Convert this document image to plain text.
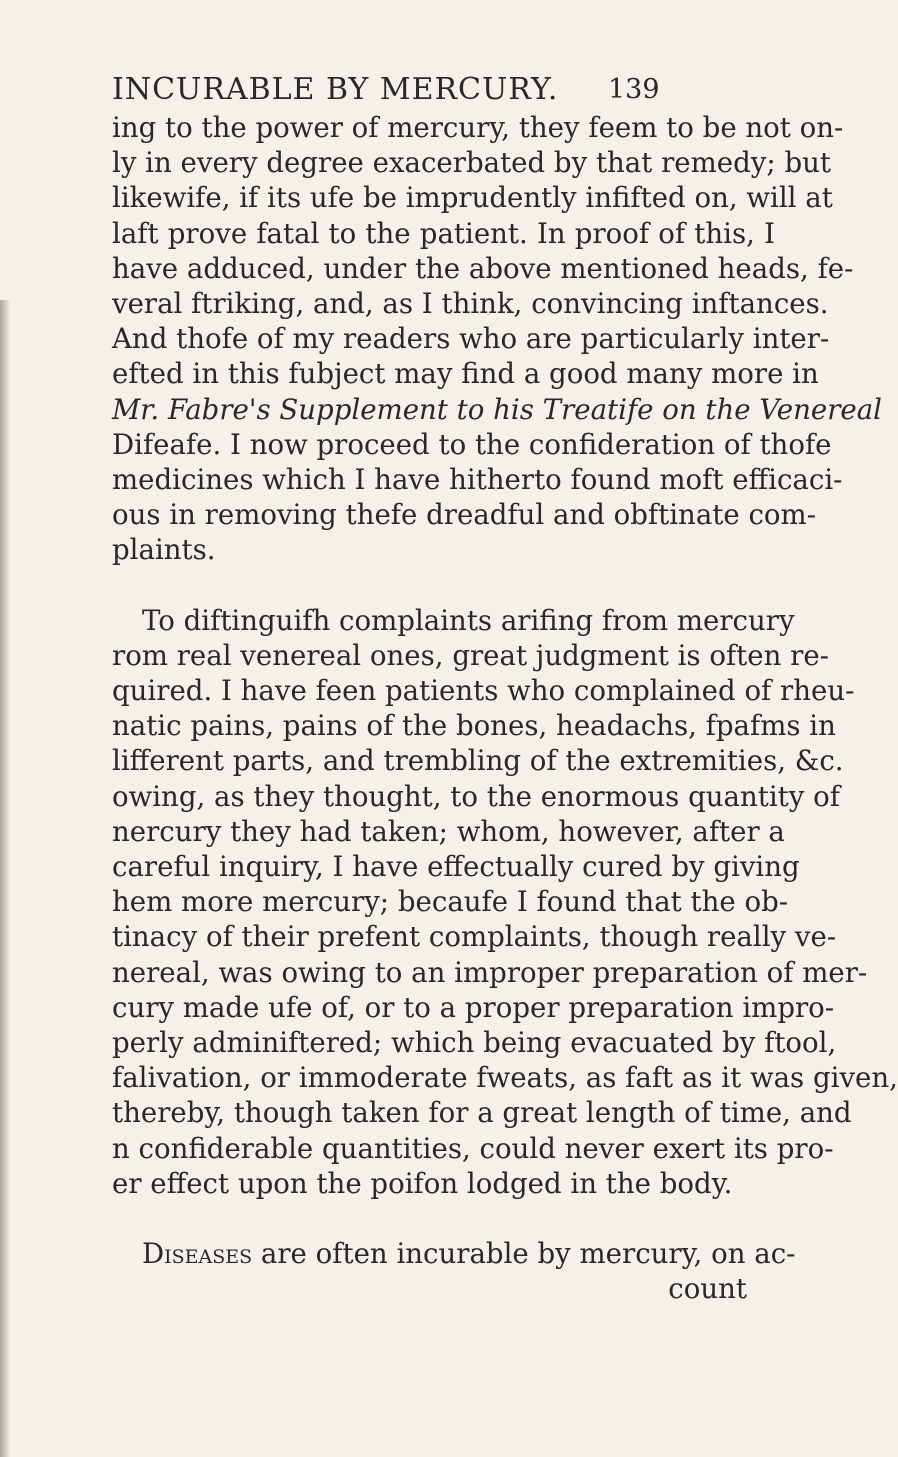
INCURABLE BY MERCURY. 139
ing to the power of mercury, they feem to be not on-
ly in every degree exacerbated by that remedy; but
likewife, if its ufe be imprudently infifted on, will at
laft prove fatal to the patient. In proof of this, I
have adduced, under the above mentioned heads, fe-
veral ftriking, and, as I think, convincing inftances.
And thofe of my readers who are particularly inter-
efted in this fubject may find a good many more in
Mr. Fabre's Supplement to his Treatife on the Venereal
Difeafe. I now proceed to the confideration of thofe
medicines which I have hitherto found moft efficaci-
ous in removing thefe dreadful and obftinate com-
plaints.
To diftinguifh complaints arifing from mercury
rom real venereal ones, great judgment is often re-
quired. I have feen patients who complained of rheu-
natic pains, pains of the bones, headachs, fpafms in
lifferent parts, and trembling of the extremities, &c.
owing, as they thought, to the enormous quantity of
nercury they had taken; whom, however, after a
careful inquiry, I have effectually cured by giving
hem more mercury; becaufe I found that the ob-
tinacy of their prefent complaints, though really ve-
nereal, was owing to an improper preparation of mer-
cury made ufe of, or to a proper preparation impro-
perly adminiftered; which being evacuated by ftool,
falivation, or immoderate fweats, as faft as it was given,
thereby, though taken for a great length of time, and
n confiderable quantities, could never exert its pro-
er effect upon the poifon lodged in the body.
Diseases are often incurable by mercury, on ac-
count
